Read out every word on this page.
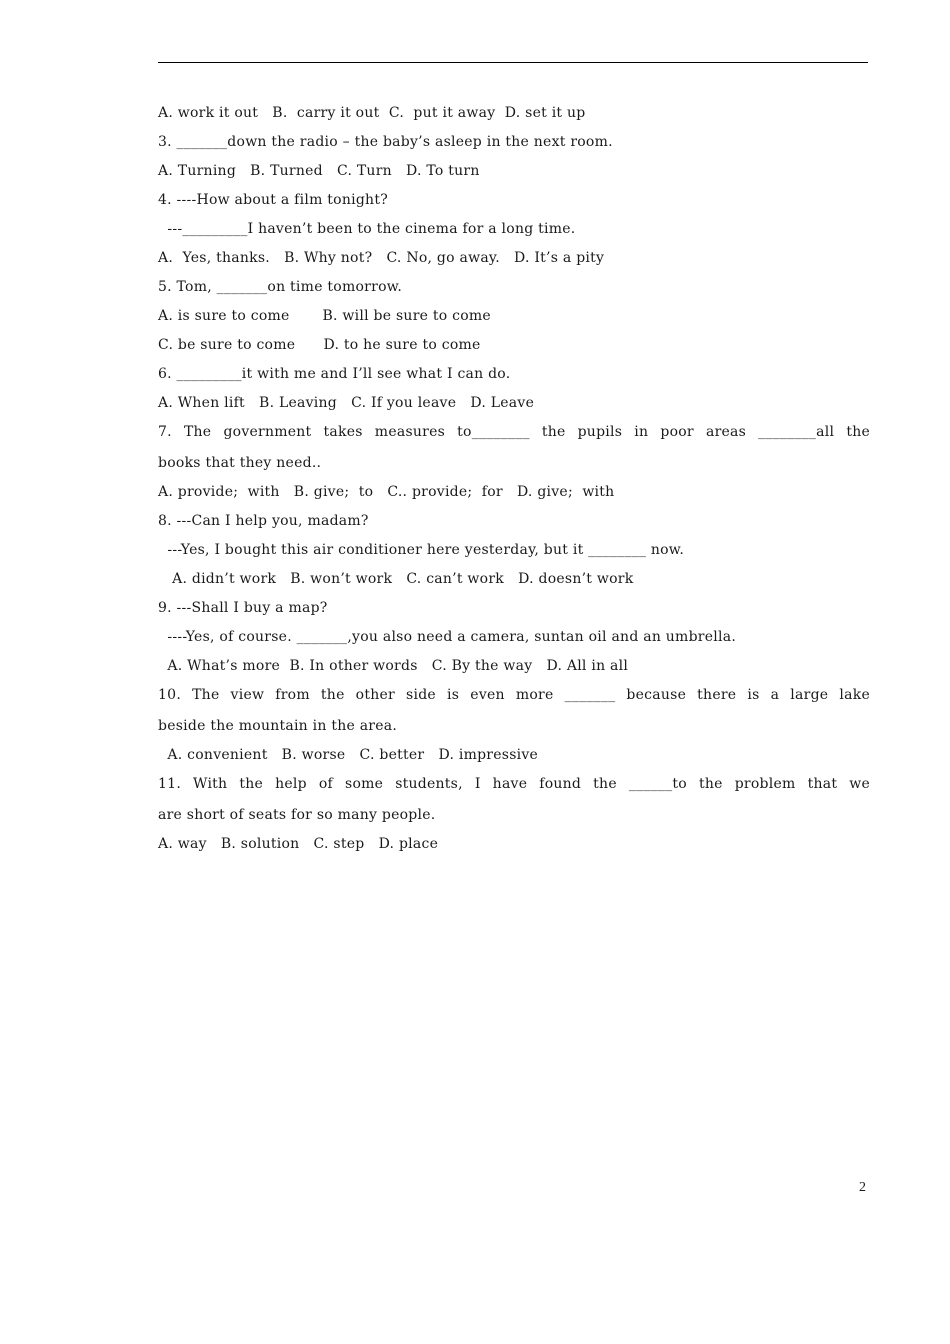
A. work it out   B.  carry it out  C.  put it away  D. set it up
3. _______down the radio – the baby’s asleep in the next room.
A. Turning   B. Turned   C. Turn   D. To turn
4. ----How about a film tonight?
---_________I haven’t been to the cinema for a long time.
A.  Yes, thanks.   B. Why not?   C. No, go away.   D. It’s a pity
5. Tom, _______on time tomorrow.
A. is sure to come       B. will be sure to come
C. be sure to come      D. to he sure to come
6. _________it with me and I’ll see what I can do.
A. When lift   B. Leaving   C. If you leave   D. Leave
7. The government takes measures to________ the pupils in poor areas ________all the
books that they need..
A. provide;  with   B. give;  to   C.. provide;  for   D. give;  with
8. ---Can I help you, madam?
---Yes, I bought this air conditioner here yesterday, but it ________ now.
A. didn’t work   B. won’t work   C. can’t work   D. doesn’t work
9. ---Shall I buy a map?
----Yes, of course. _______,you also need a camera, suntan oil and an umbrella.
A. What’s more  B. In other words   C. By the way   D. All in all
10. The view from the other side is even more _______ because there is a large lake
beside the mountain in the area.
A. convenient   B. worse   C. better   D. impressive
11. With the help of some students, I have found the ______to the problem that we
are short of seats for so many people.
A. way   B. solution   C. step   D. place
2
